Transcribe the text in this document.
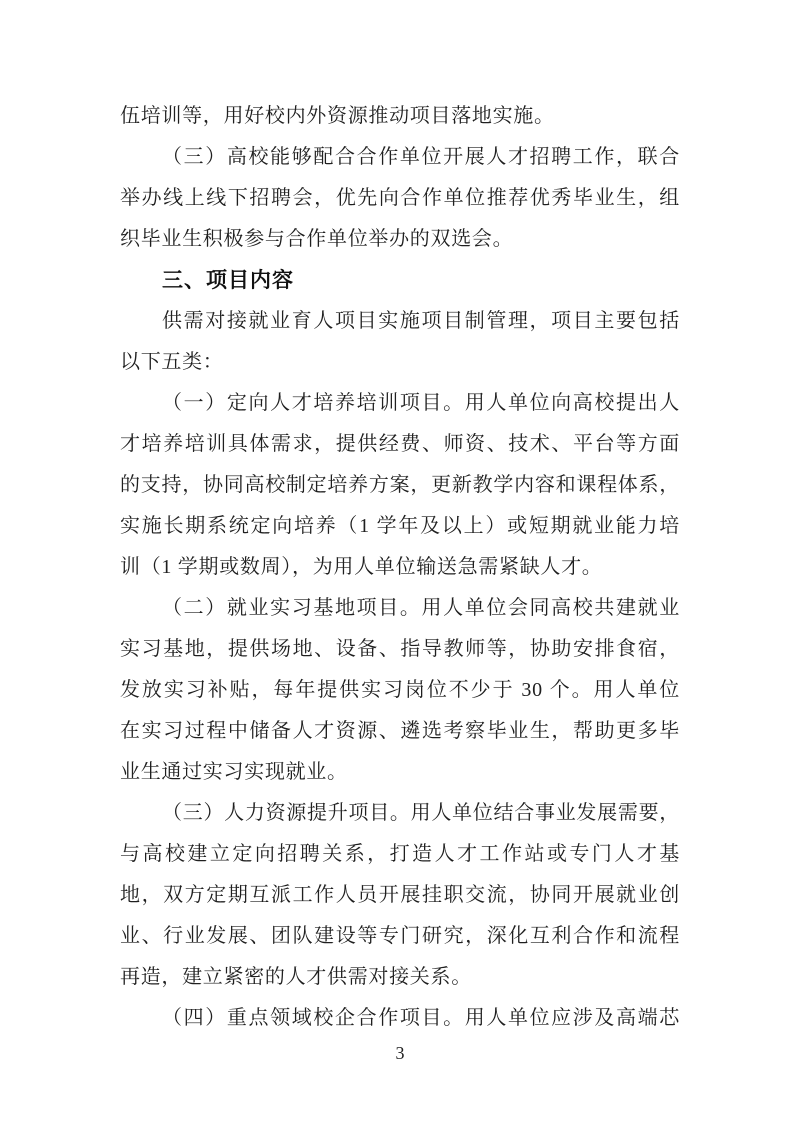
伍培训等，用好校内外资源推动项目落地实施。
（三）高校能够配合合作单位开展人才招聘工作，联合
举办线上线下招聘会，优先向合作单位推荐优秀毕业生，组
织毕业生积极参与合作单位举办的双选会。
三、项目内容
供需对接就业育人项目实施项目制管理，项目主要包括
以下五类：
（一）定向人才培养培训项目。用人单位向高校提出人
才培养培训具体需求，提供经费、师资、技术、平台等方面
的支持，协同高校制定培养方案，更新教学内容和课程体系，
实施长期系统定向培养（1 学年及以上）或短期就业能力培
训（1 学期或数周），为用人单位输送急需紧缺人才。
（二）就业实习基地项目。用人单位会同高校共建就业
实习基地，提供场地、设备、指导教师等，协助安排食宿，
发放实习补贴，每年提供实习岗位不少于 30 个。用人单位
在实习过程中储备人才资源、遴选考察毕业生，帮助更多毕
业生通过实习实现就业。
（三）人力资源提升项目。用人单位结合事业发展需要，
与高校建立定向招聘关系，打造人才工作站或专门人才基
地，双方定期互派工作人员开展挂职交流，协同开展就业创
业、行业发展、团队建设等专门研究，深化互利合作和流程
再造，建立紧密的人才供需对接关系。
（四）重点领域校企合作项目。用人单位应涉及高端芯
3
